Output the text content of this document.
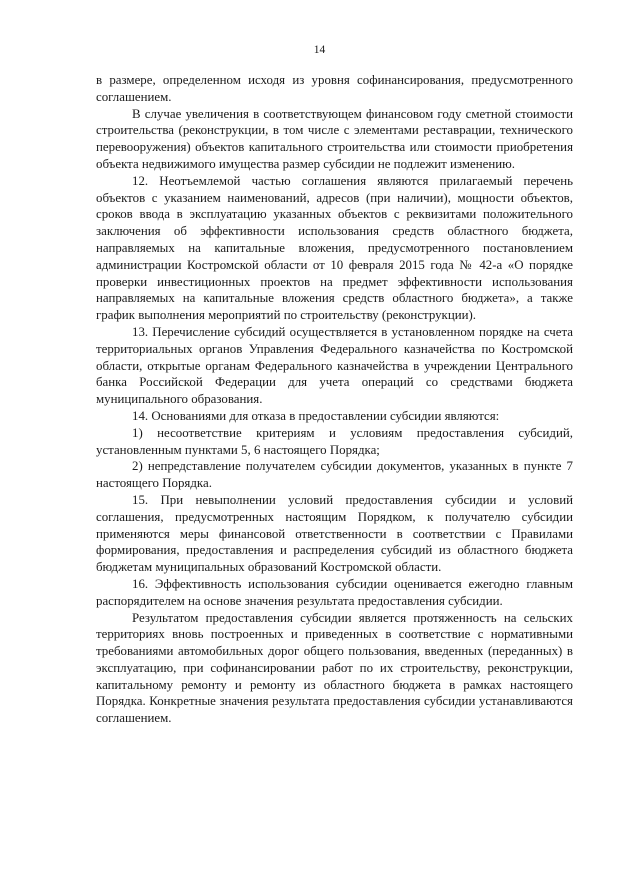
14

в размере, определенном исходя из уровня софинансирования, предусмотренного соглашением.

В случае увеличения в соответствующем финансовом году сметной стоимости строительства (реконструкции, в том числе с элементами реставрации, технического перевооружения) объектов капитального строительства или стоимости приобретения объекта недвижимого имущества размер субсидии не подлежит изменению.

12. Неотъемлемой частью соглашения являются прилагаемый перечень объектов с указанием наименований, адресов (при наличии), мощности объектов, сроков ввода в эксплуатацию указанных объектов с реквизитами положительного заключения об эффективности использования средств областного бюджета, направляемых на капитальные вложения, предусмотренного постановлением администрации Костромской области от 10 февраля 2015 года № 42-а «О порядке проверки инвестиционных проектов на предмет эффективности использования направляемых на капитальные вложения средств областного бюджета», а также график выполнения мероприятий по строительству (реконструкции).

13. Перечисление субсидий осуществляется в установленном порядке на счета территориальных органов Управления Федерального казначейства по Костромской области, открытые органам Федерального казначейства в учреждении Центрального банка Российской Федерации для учета операций со средствами бюджета муниципального образования.

14. Основаниями для отказа в предоставлении субсидии являются:

1) несоответствие критериям и условиям предоставления субсидий, установленным пунктами 5, 6 настоящего Порядка;

2) непредставление получателем субсидии документов, указанных в пункте 7 настоящего Порядка.

15. При невыполнении условий предоставления субсидии и условий соглашения, предусмотренных настоящим Порядком, к получателю субсидии применяются меры финансовой ответственности в соответствии с Правилами формирования, предоставления и распределения субсидий из областного бюджета бюджетам муниципальных образований Костромской области.

16. Эффективность использования субсидии оценивается ежегодно главным распорядителем на основе значения результата предоставления субсидии.

Результатом предоставления субсидии является протяженность на сельских территориях вновь построенных и приведенных в соответствие с нормативными требованиями автомобильных дорог общего пользования, введенных (переданных) в эксплуатацию, при софинансировании работ по их строительству, реконструкции, капитальному ремонту и ремонту из областного бюджета в рамках настоящего Порядка. Конкретные значения результата предоставления субсидии устанавливаются соглашением.
